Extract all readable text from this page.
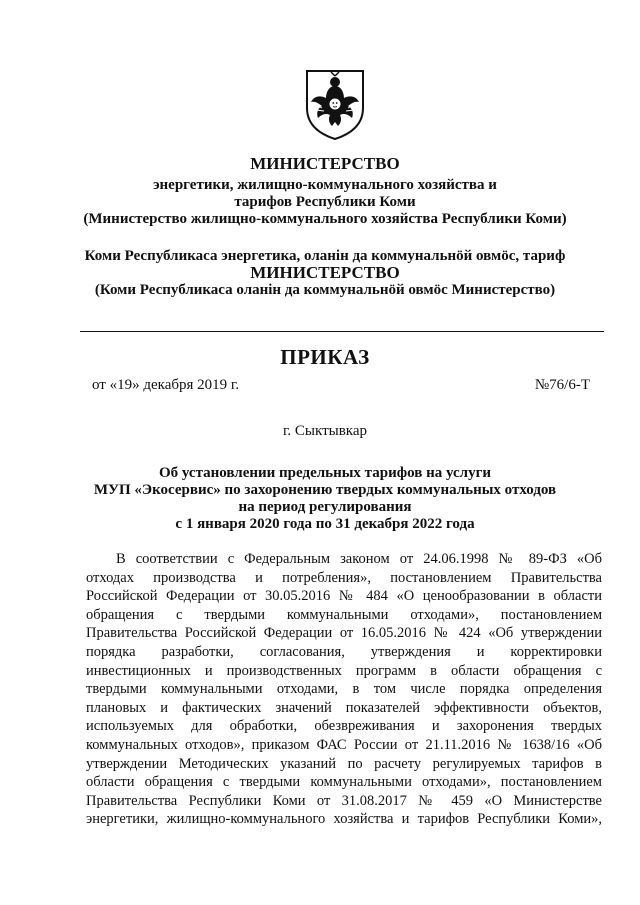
МИНИСТЕРСТВО
энергетики, жилищно-коммунального хозяйства и
тарифов Республики Коми
(Министерство жилищно-коммунального хозяйства Республики Коми)
Коми Республикаса энергетика, оланiн да коммунальнöй овмöс, тариф
МИНИСТЕРСТВО
(Коми Республикаса оланiн да коммунальнöй овмöс Министерство)
ПРИКАЗ
от «19» декабря 2019 г.	№76/6-Т
г. Сыктывкар
Об установлении предельных тарифов на услуги
МУП «Экосервис» по захоронению твердых коммунальных отходов
на период регулирования
с 1 января 2020 года по 31 декабря 2022 года
В соответствии с Федеральным законом от 24.06.1998 № 89-ФЗ «Об
отходах производства и потребления», постановлением Правительства
Российской Федерации от 30.05.2016 № 484 «О ценообразовании в области
обращения с твердыми коммунальными отходами», постановлением
Правительства Российской Федерации от 16.05.2016 № 424 «Об утверждении
порядка разработки, согласования, утверждения и корректировки
инвестиционных и производственных программ в области обращения с
твердыми коммунальными отходами, в том числе порядка определения
плановых и фактических значений показателей эффективности объектов,
используемых для обработки, обезвреживания и захоронения твердых
коммунальных отходов», приказом ФАС России от 21.11.2016 № 1638/16 «Об
утверждении Методических указаний по расчету регулируемых тарифов в
области обращения с твердыми коммунальными отходами», постановлением
Правительства Республики Коми от 31.08.2017 № 459 «О Министерстве
энергетики, жилищно-коммунального хозяйства и тарифов Республики Коми»,
